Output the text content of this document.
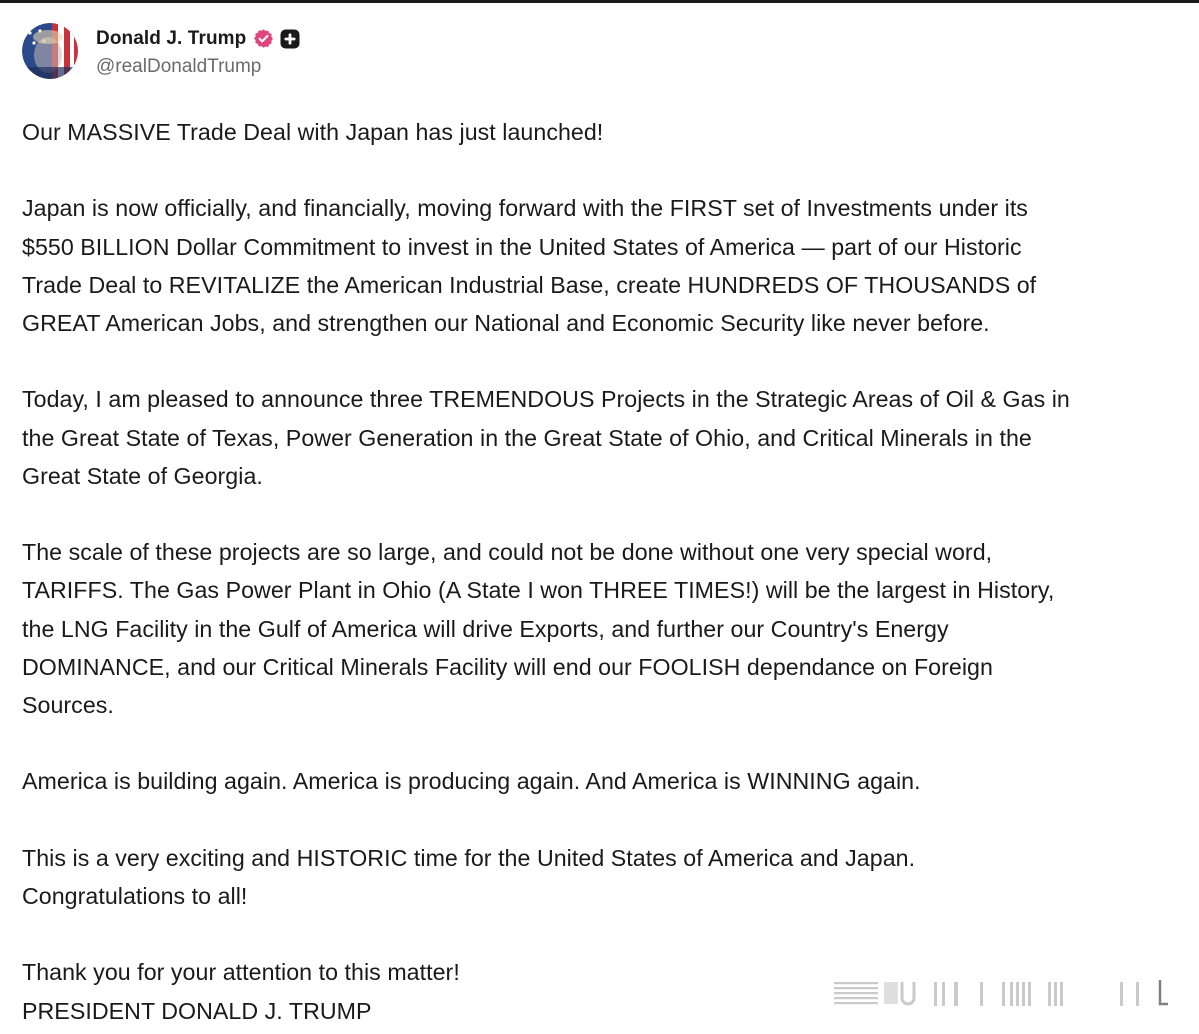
Donald J. Trump
@realDonaldTrump

Our MASSIVE Trade Deal with Japan has just launched!

Japan is now officially, and financially, moving forward with the FIRST set of Investments under its
$550 BILLION Dollar Commitment to invest in the United States of America — part of our Historic
Trade Deal to REVITALIZE the American Industrial Base, create HUNDREDS OF THOUSANDS of
GREAT American Jobs, and strengthen our National and Economic Security like never before.

Today, I am pleased to announce three TREMENDOUS Projects in the Strategic Areas of Oil & Gas in
the Great State of Texas, Power Generation in the Great State of Ohio, and Critical Minerals in the
Great State of Georgia.

The scale of these projects are so large, and could not be done without one very special word,
TARIFFS. The Gas Power Plant in Ohio (A State I won THREE TIMES!) will be the largest in History,
the LNG Facility in the Gulf of America will drive Exports, and further our Country's Energy
DOMINANCE, and our Critical Minerals Facility will end our FOOLISH dependance on Foreign
Sources.

America is building again. America is producing again. And America is WINNING again.

This is a very exciting and HISTORIC time for the United States of America and Japan.
Congratulations to all!

Thank you for your attention to this matter!
PRESIDENT DONALD J. TRUMP
